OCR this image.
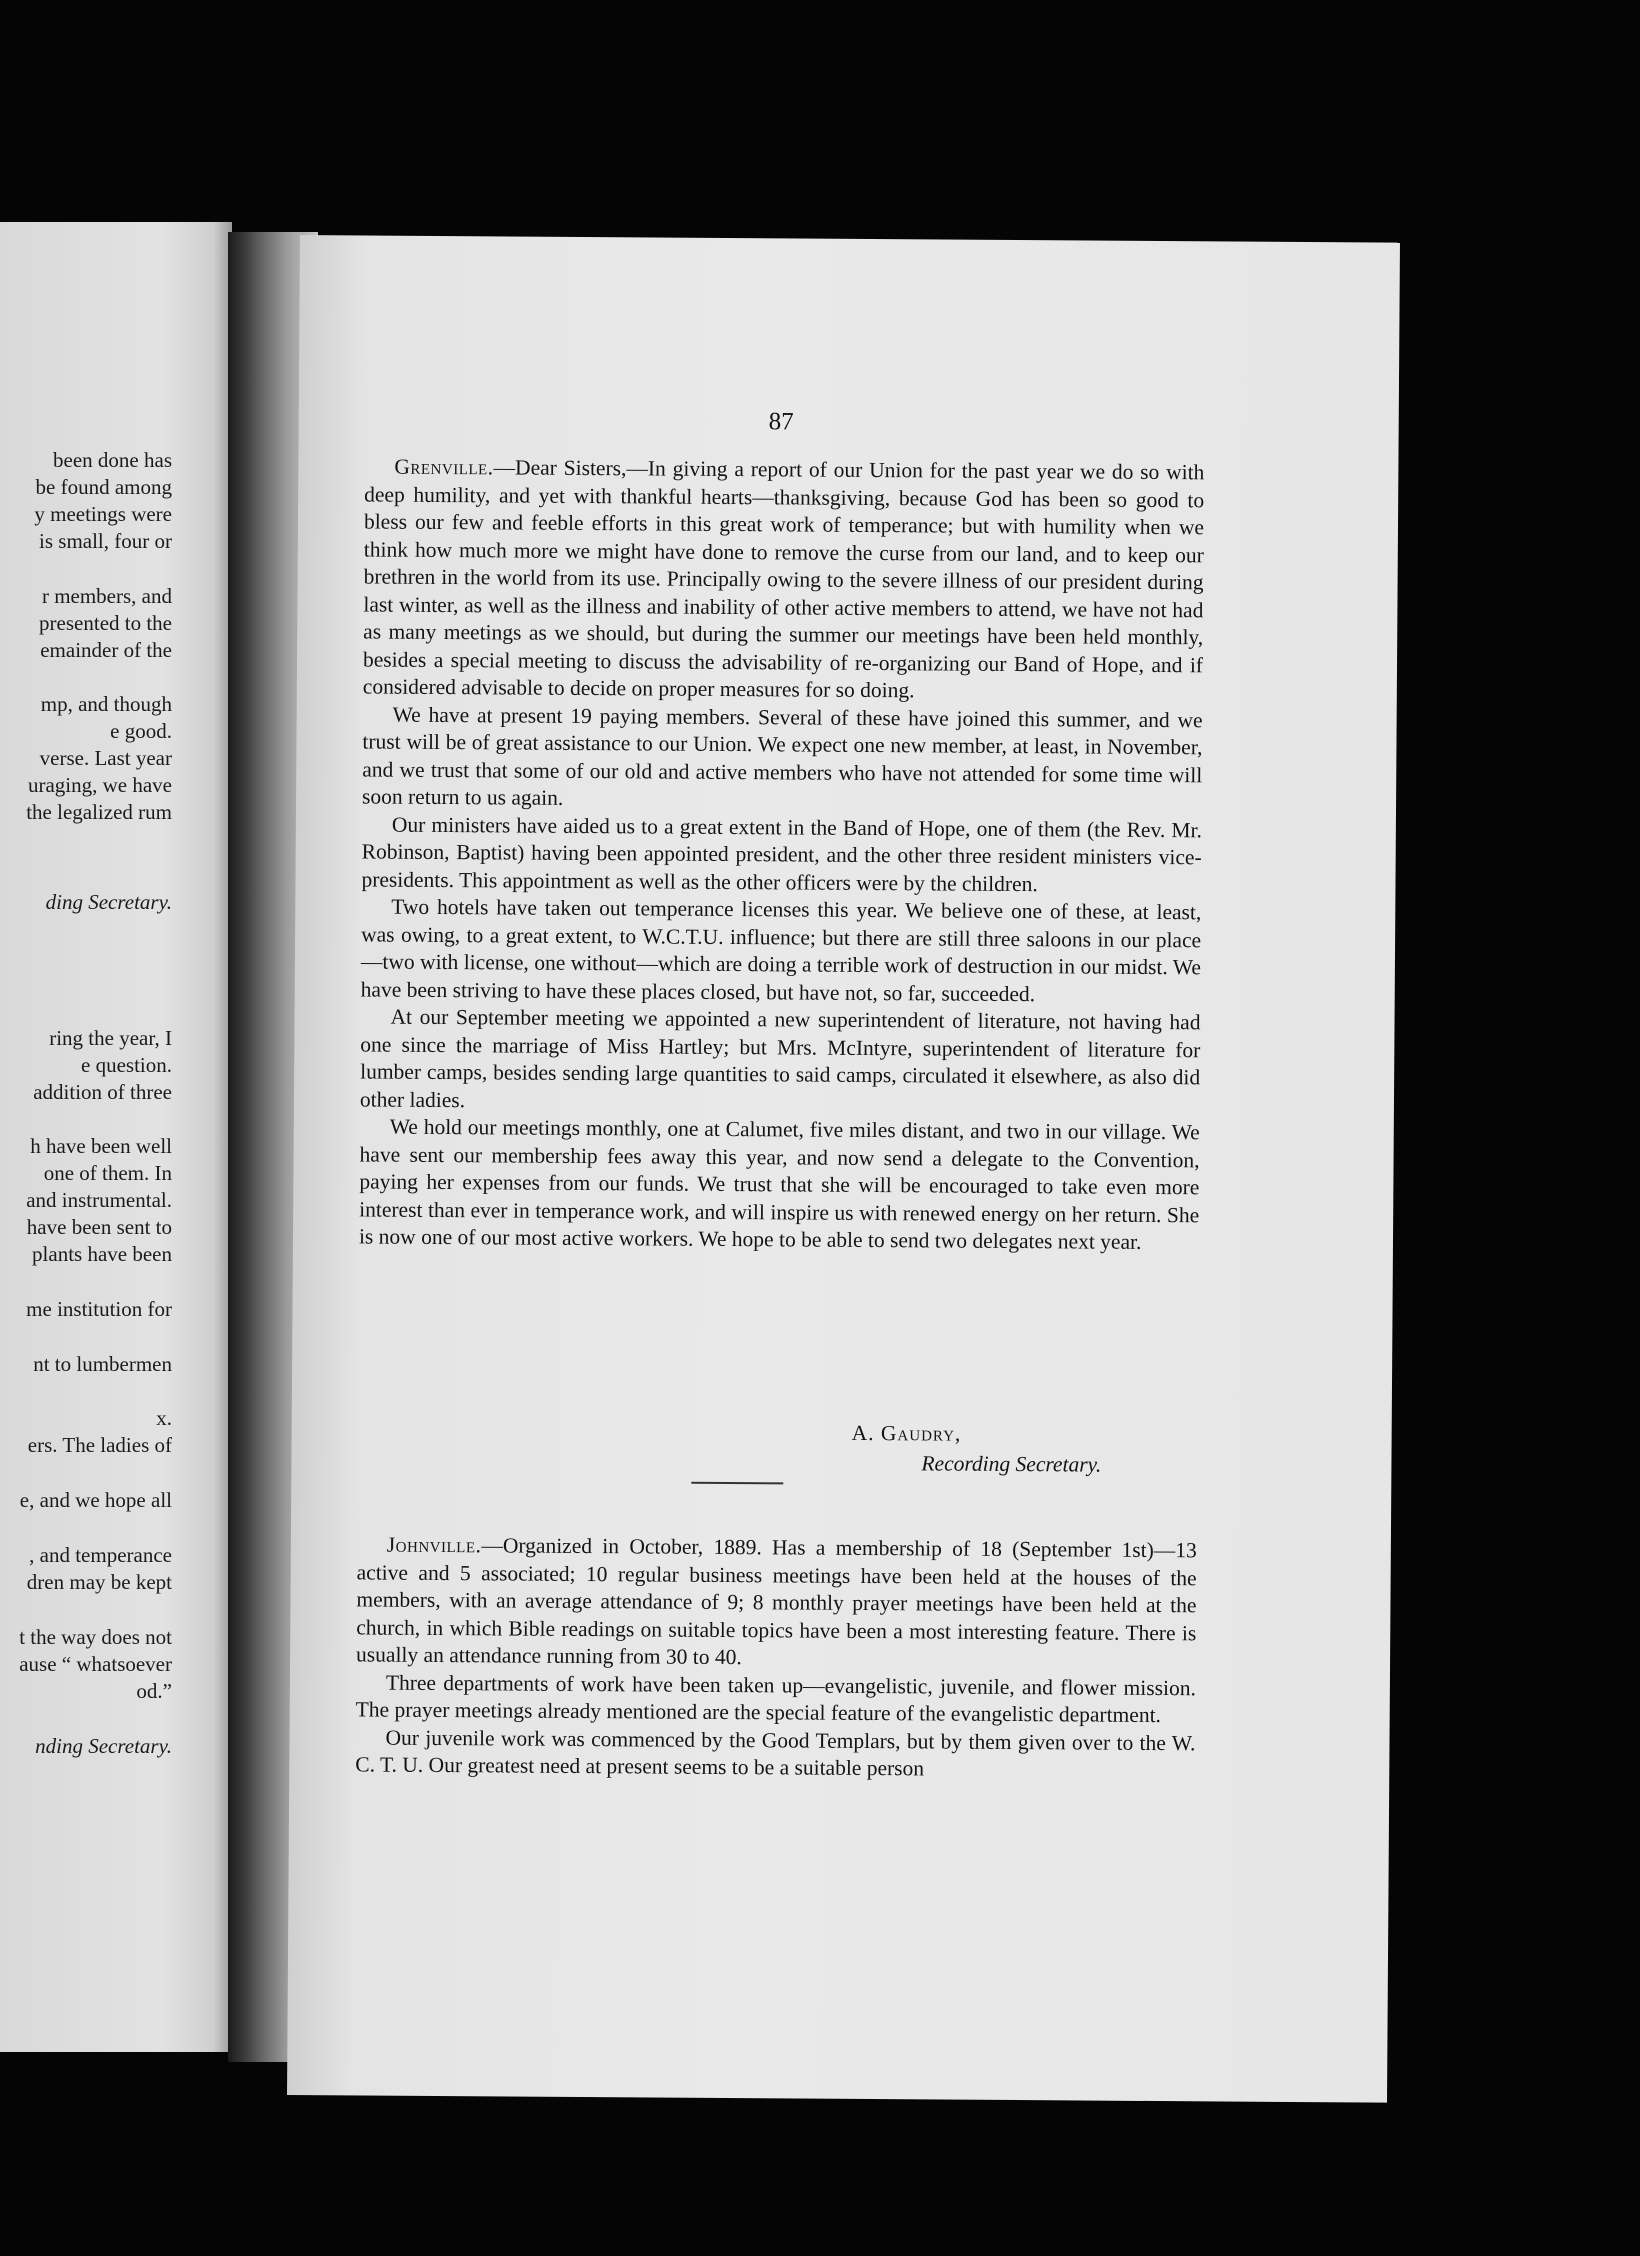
been done has
be found among
y meetings were
is small, four or
r members, and
presented to the
emainder of the
mp, and though
e good.
verse. Last year
uraging, we have
the legalized rum
ding Secretary.
ring the year, I
e question.
addition of three
h have been well
one of them. In
and instrumental.
have been sent to
plants have been
me institution for
nt to lumbermen
x.
ers. The ladies of
e, and we hope all
, and temperance
dren may be kept
t the way does not
ause “ whatsoever
od.”
nding Secretary.
87

Grenville.—Dear Sisters,—In giving a report of our Union for the past year we do so with deep humility, and yet with thankful hearts—thanksgiving, because God has been so good to bless our few and feeble efforts in this great work of temperance; but with humility when we think how much more we might have done to remove the curse from our land, and to keep our brethren in the world from its use. Principally owing to the severe illness of our president during last winter, as well as the illness and inability of other active members to attend, we have not had as many meetings as we should, but during the summer our meetings have been held monthly, besides a special meeting to discuss the advisability of re-organizing our Band of Hope, and if considered advisable to decide on proper measures for so doing.

We have at present 19 paying members. Several of these have joined this summer, and we trust will be of great assistance to our Union. We expect one new member, at least, in November, and we trust that some of our old and active members who have not attended for some time will soon return to us again.

Our ministers have aided us to a great extent in the Band of Hope, one of them (the Rev. Mr. Robinson, Baptist) having been appointed president, and the other three resident ministers vice-presidents. This appointment as well as the other officers were by the children.

Two hotels have taken out temperance licenses this year. We believe one of these, at least, was owing, to a great extent, to W.C.T.U. influence; but there are still three saloons in our place—two with license, one without—which are doing a terrible work of destruction in our midst. We have been striving to have these places closed, but have not, so far, succeeded.

At our September meeting we appointed a new superintendent of literature, not having had one since the marriage of Miss Hartley; but Mrs. McIntyre, superintendent of literature for lumber camps, besides sending large quantities to said camps, circulated it elsewhere, as also did other ladies.

We hold our meetings monthly, one at Calumet, five miles distant, and two in our village. We have sent our membership fees away this year, and now send a delegate to the Convention, paying her expenses from our funds. We trust that she will be encouraged to take even more interest than ever in temperance work, and will inspire us with renewed energy on her return. She is now one of our most active workers. We hope to be able to send two delegates next year.

A. Gaudry,
Recording Secretary.

Johnville.—Organized in October, 1889. Has a membership of 18 (September 1st)—13 active and 5 associated; 10 regular business meetings have been held at the houses of the members, with an average attendance of 9; 8 monthly prayer meetings have been held at the church, in which Bible readings on suitable topics have been a most interesting feature. There is usually an attendance running from 30 to 40.

Three departments of work have been taken up—evangelistic, juvenile, and flower mission. The prayer meetings already mentioned are the special feature of the evangelistic department.

Our juvenile work was commenced by the Good Templars, but by them given over to the W. C. T. U. Our greatest need at present seems to be a suitable person
